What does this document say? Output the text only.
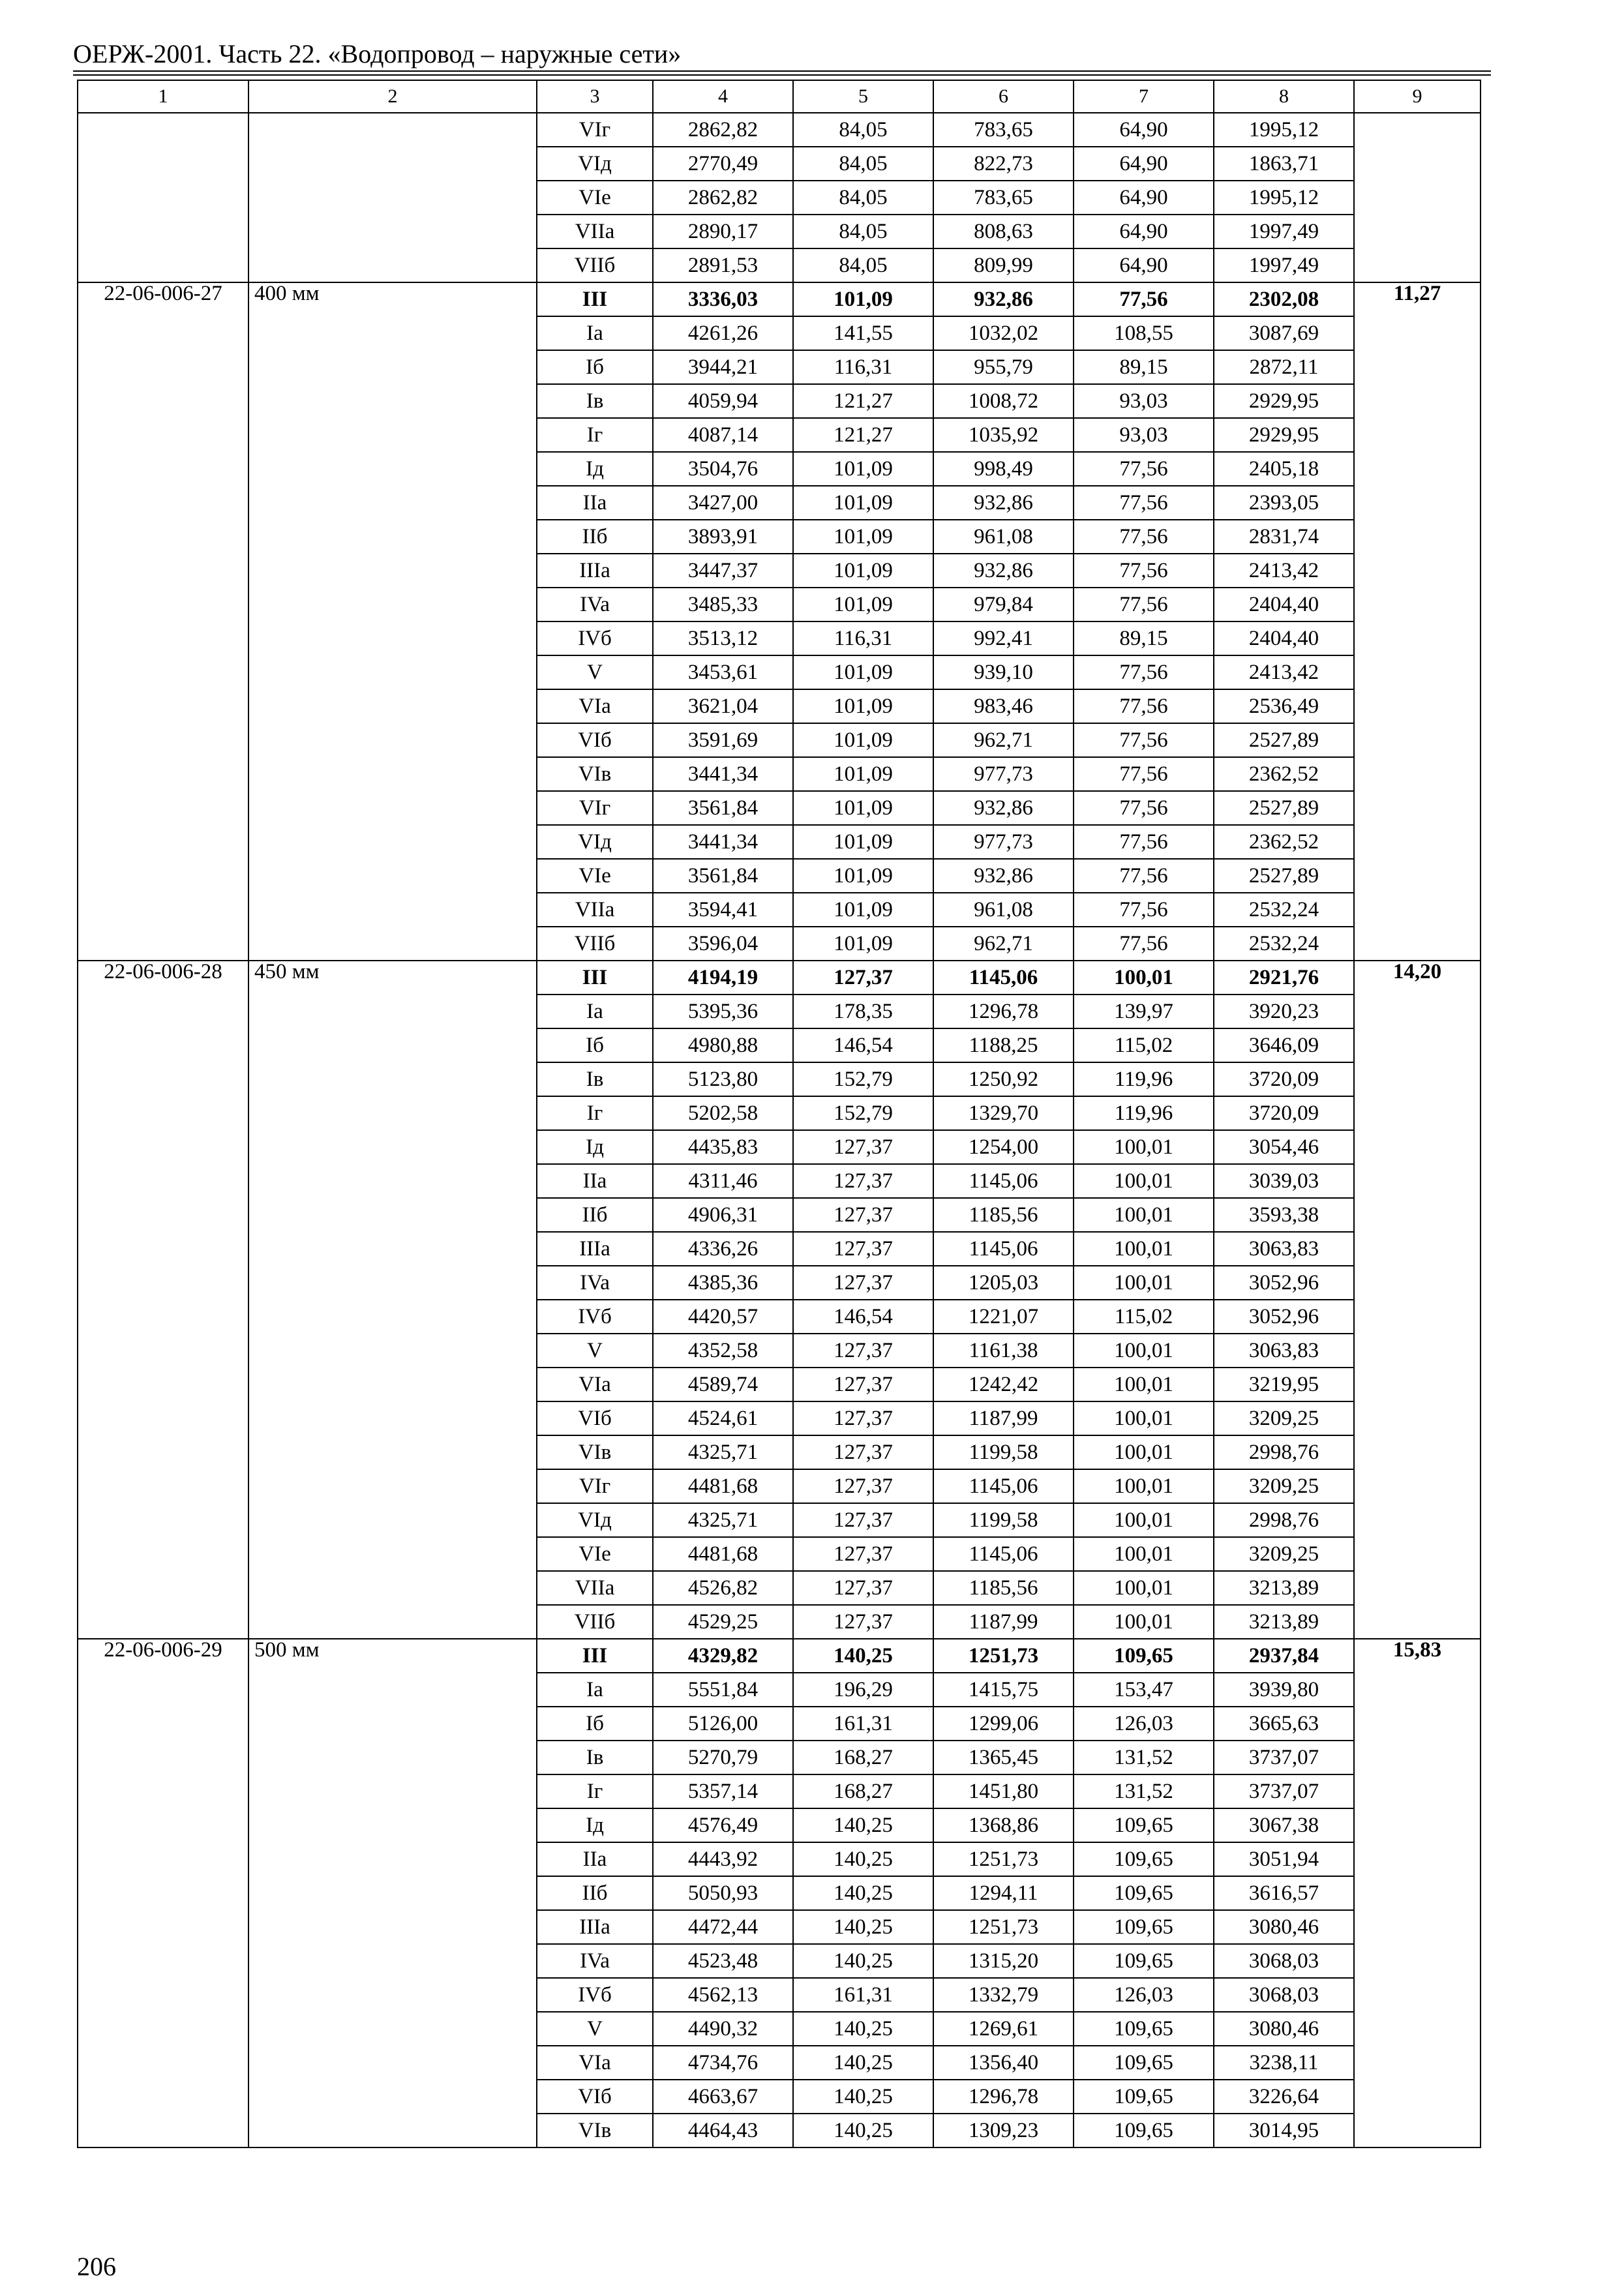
ОЕРЖ-2001. Часть 22. «Водопровод – наружные сети»
1	2	3	4	5	6	7	8	9
		VIг	2862,82	84,05	783,65	64,90	1995,12	
		VIд	2770,49	84,05	822,73	64,90	1863,71	
		VIe	2862,82	84,05	783,65	64,90	1995,12	
		VIIa	2890,17	84,05	808,63	64,90	1997,49	
		VIIб	2891,53	84,05	809,99	64,90	1997,49	
22-06-006-27	400 мм	III	3336,03	101,09	932,86	77,56	2302,08	11,27
		Ia	4261,26	141,55	1032,02	108,55	3087,69	
		Iб	3944,21	116,31	955,79	89,15	2872,11	
		Iв	4059,94	121,27	1008,72	93,03	2929,95	
		Iг	4087,14	121,27	1035,92	93,03	2929,95	
		Iд	3504,76	101,09	998,49	77,56	2405,18	
		IIa	3427,00	101,09	932,86	77,56	2393,05	
		IIб	3893,91	101,09	961,08	77,56	2831,74	
		IIIa	3447,37	101,09	932,86	77,56	2413,42	
		IVa	3485,33	101,09	979,84	77,56	2404,40	
		IVб	3513,12	116,31	992,41	89,15	2404,40	
		V	3453,61	101,09	939,10	77,56	2413,42	
		VIa	3621,04	101,09	983,46	77,56	2536,49	
		VIб	3591,69	101,09	962,71	77,56	2527,89	
		VIв	3441,34	101,09	977,73	77,56	2362,52	
		VIг	3561,84	101,09	932,86	77,56	2527,89	
		VIд	3441,34	101,09	977,73	77,56	2362,52	
		VIe	3561,84	101,09	932,86	77,56	2527,89	
		VIIa	3594,41	101,09	961,08	77,56	2532,24	
		VIIб	3596,04	101,09	962,71	77,56	2532,24	
22-06-006-28	450 мм	III	4194,19	127,37	1145,06	100,01	2921,76	14,20
		Ia	5395,36	178,35	1296,78	139,97	3920,23	
		Iб	4980,88	146,54	1188,25	115,02	3646,09	
		Iв	5123,80	152,79	1250,92	119,96	3720,09	
		Iг	5202,58	152,79	1329,70	119,96	3720,09	
		Iд	4435,83	127,37	1254,00	100,01	3054,46	
		IIa	4311,46	127,37	1145,06	100,01	3039,03	
		IIб	4906,31	127,37	1185,56	100,01	3593,38	
		IIIa	4336,26	127,37	1145,06	100,01	3063,83	
		IVa	4385,36	127,37	1205,03	100,01	3052,96	
		IVб	4420,57	146,54	1221,07	115,02	3052,96	
		V	4352,58	127,37	1161,38	100,01	3063,83	
		VIa	4589,74	127,37	1242,42	100,01	3219,95	
		VIб	4524,61	127,37	1187,99	100,01	3209,25	
		VIв	4325,71	127,37	1199,58	100,01	2998,76	
		VIг	4481,68	127,37	1145,06	100,01	3209,25	
		VIд	4325,71	127,37	1199,58	100,01	2998,76	
		VIe	4481,68	127,37	1145,06	100,01	3209,25	
		VIIa	4526,82	127,37	1185,56	100,01	3213,89	
		VIIб	4529,25	127,37	1187,99	100,01	3213,89	
22-06-006-29	500 мм	III	4329,82	140,25	1251,73	109,65	2937,84	15,83
		Ia	5551,84	196,29	1415,75	153,47	3939,80	
		Iб	5126,00	161,31	1299,06	126,03	3665,63	
		Iв	5270,79	168,27	1365,45	131,52	3737,07	
		Iг	5357,14	168,27	1451,80	131,52	3737,07	
		Iд	4576,49	140,25	1368,86	109,65	3067,38	
		IIa	4443,92	140,25	1251,73	109,65	3051,94	
		IIб	5050,93	140,25	1294,11	109,65	3616,57	
		IIIa	4472,44	140,25	1251,73	109,65	3080,46	
		IVa	4523,48	140,25	1315,20	109,65	3068,03	
		IVб	4562,13	161,31	1332,79	126,03	3068,03	
		V	4490,32	140,25	1269,61	109,65	3080,46	
		VIa	4734,76	140,25	1356,40	109,65	3238,11	
		VIб	4663,67	140,25	1296,78	109,65	3226,64	
		VIв	4464,43	140,25	1309,23	109,65	3014,95	
206
